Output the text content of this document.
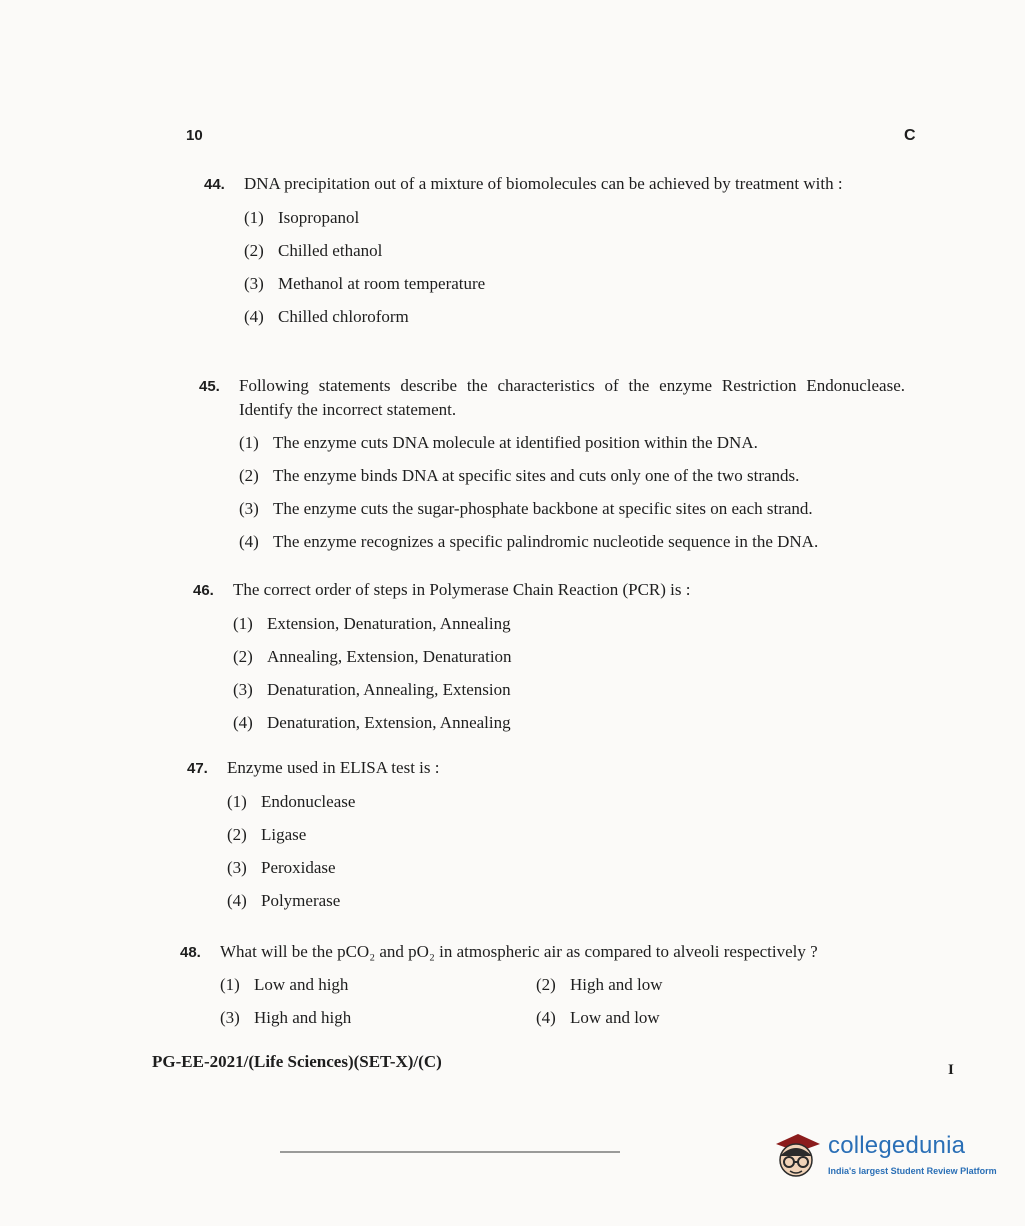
10	C
44.	DNA precipitation out of a mixture of biomolecules can be achieved by treatment with :
(1) Isopropanol
(2) Chilled ethanol
(3) Methanol at room temperature
(4) Chilled chloroform
45.	Following statements describe the characteristics of the enzyme Restriction Endonuclease. Identify the incorrect statement.
(1) The enzyme cuts DNA molecule at identified position within the DNA.
(2) The enzyme binds DNA at specific sites and cuts only one of the two strands.
(3) The enzyme cuts the sugar-phosphate backbone at specific sites on each strand.
(4) The enzyme recognizes a specific palindromic nucleotide sequence in the DNA.
46.	The correct order of steps in Polymerase Chain Reaction (PCR) is :
(1) Extension, Denaturation, Annealing
(2) Annealing, Extension, Denaturation
(3) Denaturation, Annealing, Extension
(4) Denaturation, Extension, Annealing
47.	Enzyme used in ELISA test is :
(1) Endonuclease
(2) Ligase
(3) Peroxidase
(4) Polymerase
48.	What will be the pCO₂ and pO₂ in atmospheric air as compared to alveoli respectively ?
(1) Low and high	(2) High and low
(3) High and high	(4) Low and low
PG-EE-2021/(Life Sciences)(SET-X)/(C)	I
collegedunia
India's largest Student Review Platform
